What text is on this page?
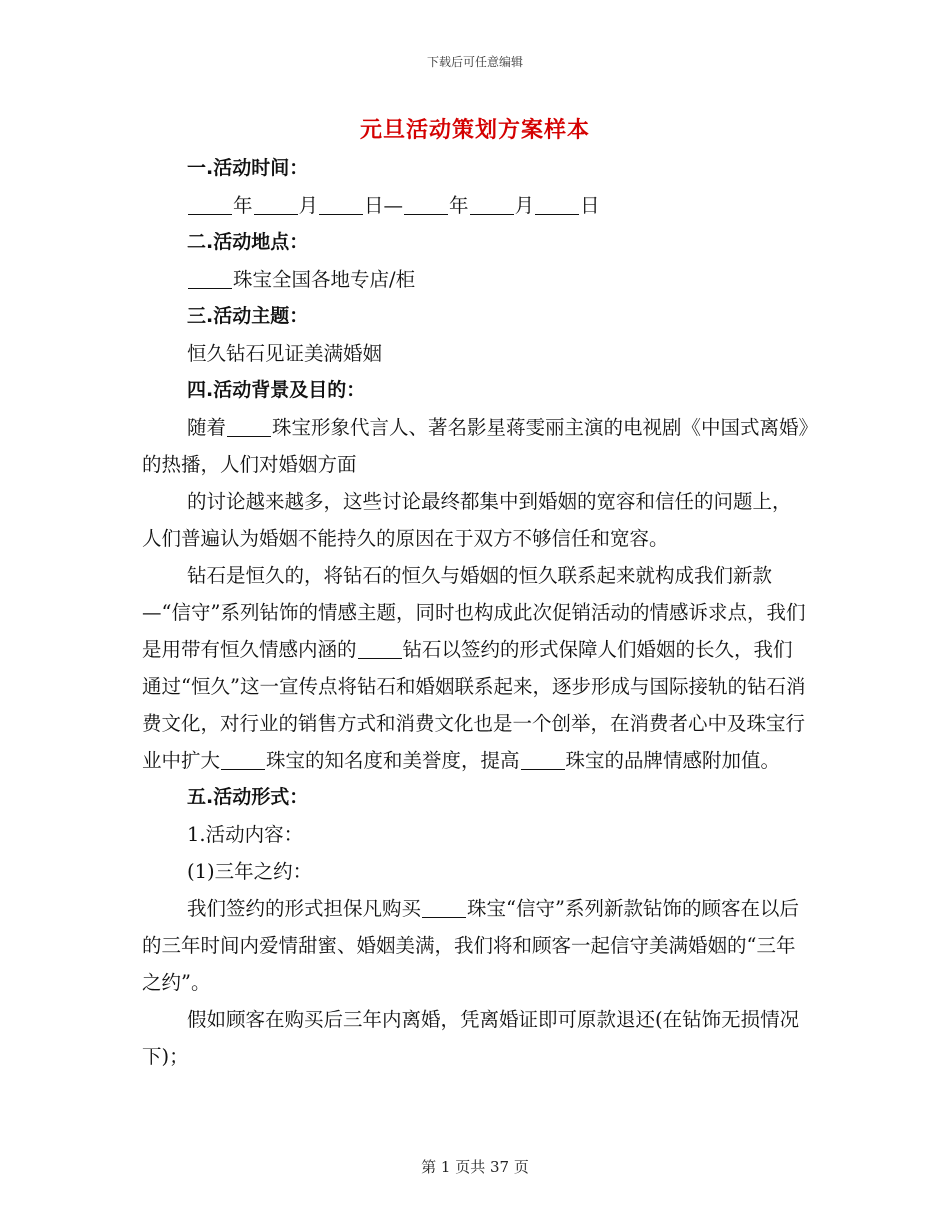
下载后可任意编辑
元旦活动策划方案样本

一.活动时间：

年 月 日— 年 月 日

二.活动地点：

珠宝全国各地专店/柜

三.活动主题：

恒久钻石见证美满婚姻

四.活动背景及目的：

随着 珠宝形象代言人、著名影星蒋雯丽主演的电视剧《中国式离婚》的热播，人们对婚姻方面

的讨论越来越多，这些讨论最终都集中到婚姻的宽容和信任的问题上，人们普遍认为婚姻不能持久的原因在于双方不够信任和宽容。

钻石是恒久的，将钻石的恒久与婚姻的恒久联系起来就构成我们新款—“信守”系列钻饰的情感主题，同时也构成此次促销活动的情感诉求点，我们是用带有恒久情感内涵的 钻石以签约的形式保障人们婚姻的长久，我们通过“恒久”这一宣传点将钻石和婚姻联系起来，逐步形成与国际接轨的钻石消费文化，对行业的销售方式和消费文化也是一个创举，在消费者心中及珠宝行业中扩大 珠宝的知名度和美誉度，提高 珠宝的品牌情感附加值。

五.活动形式：

1.活动内容：

(1)三年之约：

我们签约的形式担保凡购买 珠宝“信守”系列新款钻饰的顾客在以后的三年时间内爱情甜蜜、婚姻美满，我们将和顾客一起信守美满婚姻的“三年之约”。

假如顾客在购买后三年内离婚，凭离婚证即可原款退还(在钻饰无损情况下)；

第 1 页共 37 页
